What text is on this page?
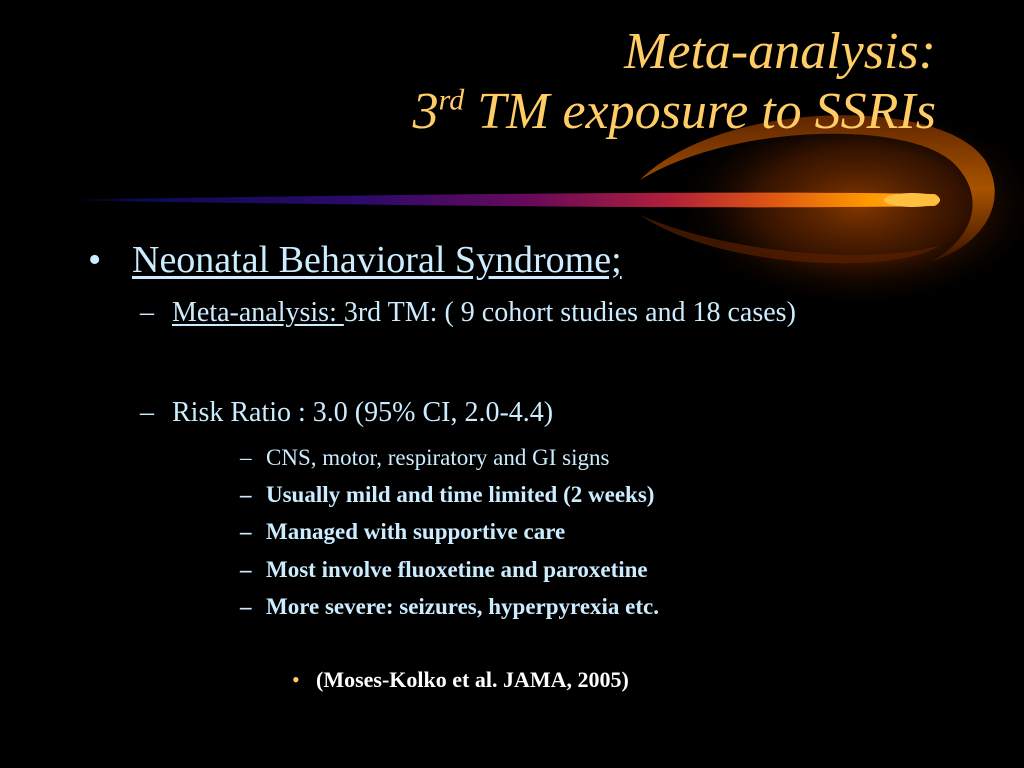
Meta-analysis:
3rd TM exposure to SSRIs
• Neonatal Behavioral Syndrome;
– Meta-analysis: 3rd TM: ( 9 cohort studies and 18 cases)
– Risk Ratio : 3.0 (95% CI, 2.0-4.4)
– CNS, motor, respiratory and GI signs
– Usually mild and time limited (2 weeks)
– Managed with supportive care
– Most involve fluoxetine and paroxetine
– More severe: seizures, hyperpyrexia etc.
• (Moses-Kolko et al. JAMA, 2005)
